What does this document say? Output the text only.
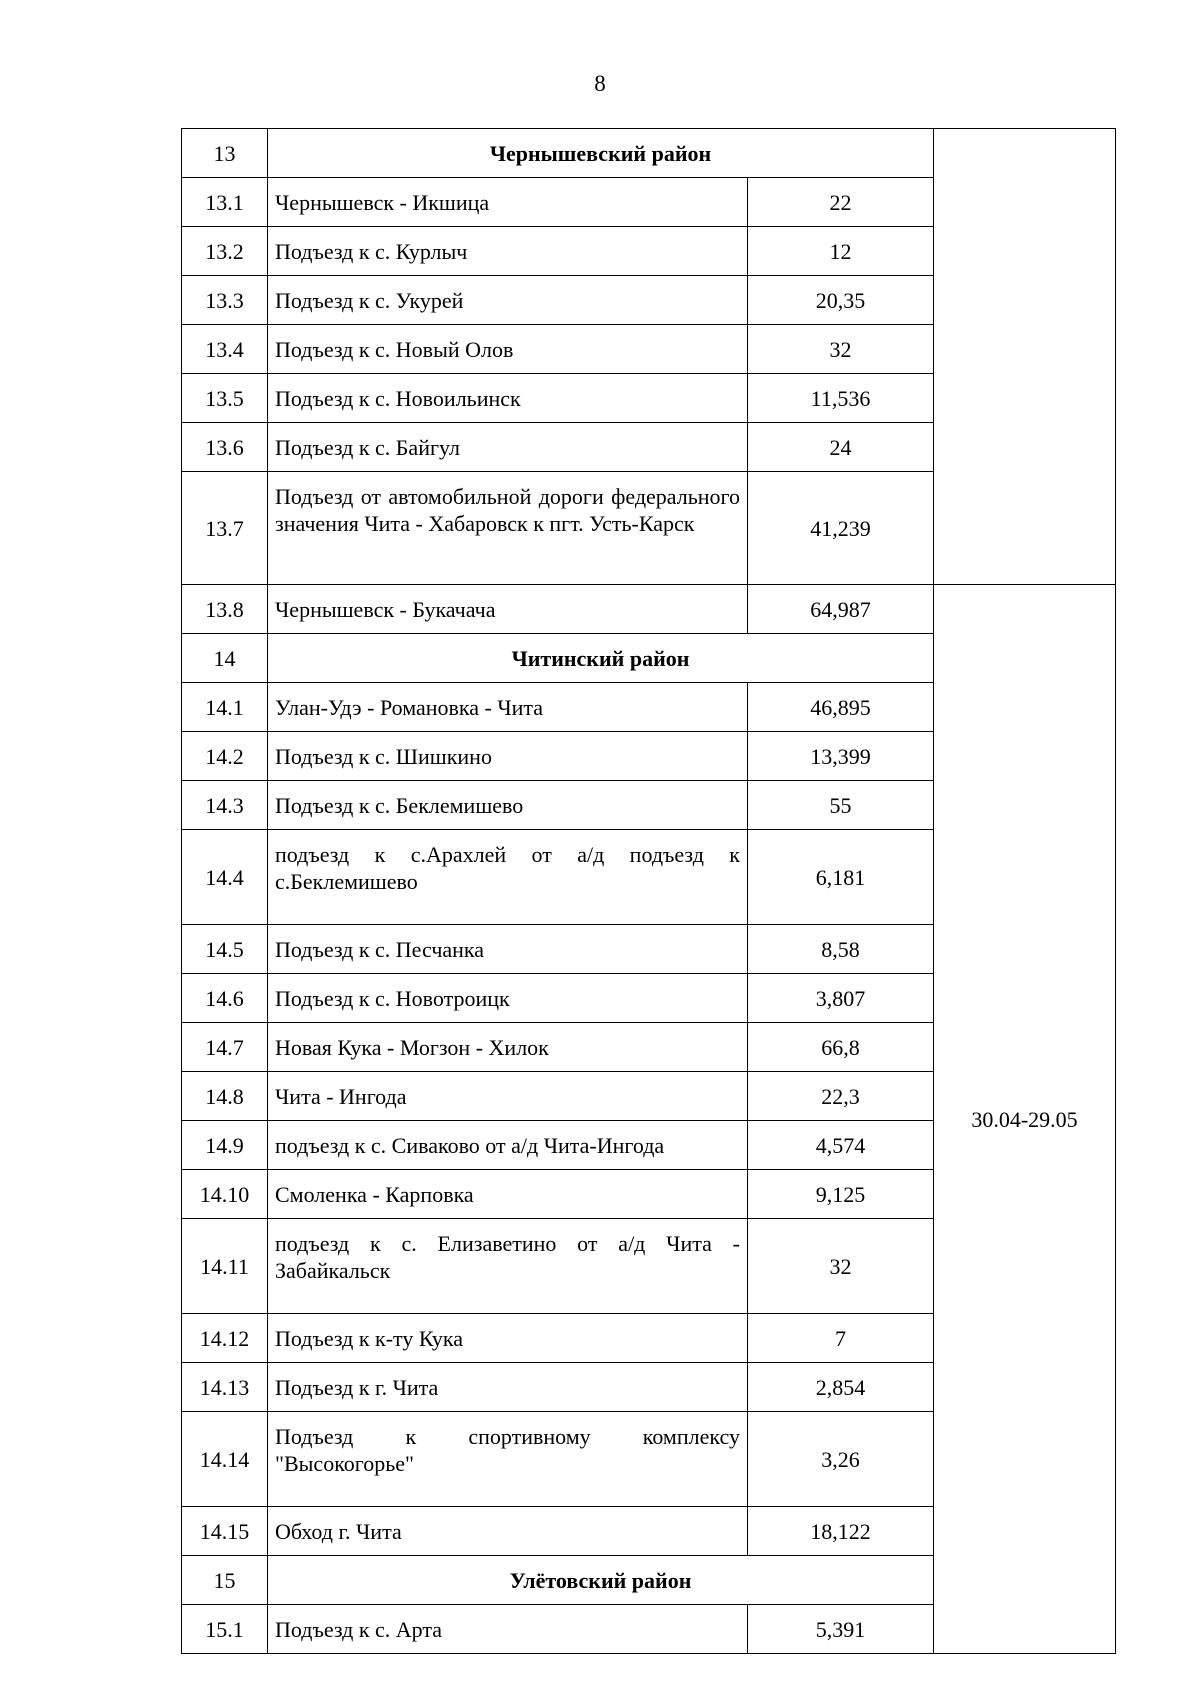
8
13	Чернышевский район		
13.1	Чернышевск - Икшица	22	
13.2	Подъезд к с. Курлыч	12	
13.3	Подъезд к с. Укурей	20,35	
13.4	Подъезд к с. Новый Олов	32	
13.5	Подъезд к с. Новоильинск	11,536	
13.6	Подъезд к с. Байгул	24	
13.7	Подъезд от автомобильной дороги федерального значения Чита - Хабаровск к пгт. Усть-Карск	41,239	
13.8	Чернышевск - Букачача	64,987	30.04-29.05
14	Читинский район		
14.1	Улан-Удэ - Романовка - Чита	46,895	
14.2	Подъезд к с. Шишкино	13,399	
14.3	Подъезд к с. Беклемишево	55	
14.4	подъезд к с.Арахлей от а/д подъезд к с.Беклемишево	6,181	
14.5	Подъезд к с. Песчанка	8,58	
14.6	Подъезд к с. Новотроицк	3,807	
14.7	Новая Кука - Могзон - Хилок	66,8	
14.8	Чита - Ингода	22,3	
14.9	подъезд к с. Сиваково от а/д Чита-Ингода	4,574	
14.10	Смоленка - Карповка	9,125	
14.11	подъезд к с. Елизаветино от а/д Чита - Забайкальск	32	
14.12	Подъезд к к-ту Кука	7	
14.13	Подъезд к г. Чита	2,854	
14.14	Подъезд к спортивному комплексу "Высокогорье"	3,26	
14.15	Обход г. Чита	18,122	
15	Улётовский район		
15.1	Подъезд к с. Арта	5,391	
